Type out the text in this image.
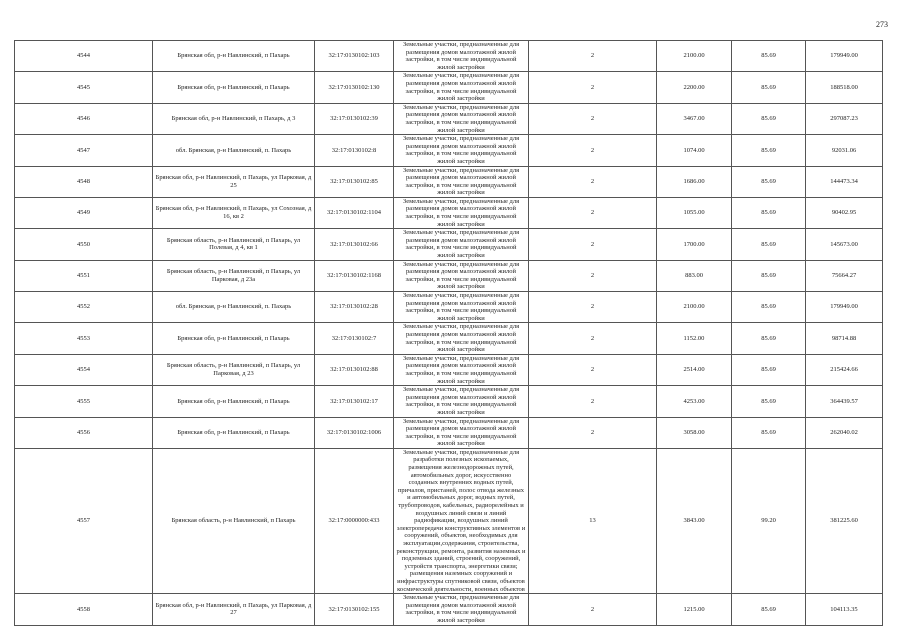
273
4544	Брянская обл, р-н Навлинский, п Пахарь	32:17:0130102:103	Земельные участки, предназначенные для размещения домов малоэтажной жилой застройки, в том числе индивидуальной жилой застройки	2	2100.00	85.69	179949.00
4545	Брянская обл, р-н Навлинский, п Пахарь	32:17:0130102:130	Земельные участки, предназначенные для размещения домов малоэтажной жилой застройки, в том числе индивидуальной жилой застройки	2	2200.00	85.69	188518.00
4546	Брянская обл, р-н Навлинский, п Пахарь, д 3	32:17:0130102:39	Земельные участки, предназначенные для размещения домов малоэтажной жилой застройки, в том числе индивидуальной жилой застройки	2	3467.00	85.69	297087.23
4547	обл. Брянская, р-н Навлинский, п. Пахарь	32:17:0130102:8	Земельные участки, предназначенные для размещения домов малоэтажной жилой застройки, в том числе индивидуальной жилой застройки	2	1074.00	85.69	92031.06
4548	Брянская обл, р-н Навлинский, п Пахарь, ул Парковая, д 25	32:17:0130102:85	Земельные участки, предназначенные для размещения домов малоэтажной жилой застройки, в том числе индивидуальной жилой застройки	2	1686.00	85.69	144473.34
4549	Брянская обл, р-н Навлинский, п Пахарь, ул Сохозная, д 16, кв 2	32:17:0130102:1104	Земельные участки, предназначенные для размещения домов малоэтажной жилой застройки, в том числе индивидуальной жилой застройки	2	1055.00	85.69	90402.95
4550	Брянская область, р-н Навлинский, п Пахарь, ул Полевая, д 4, кв 1	32:17:0130102:66	Земельные участки, предназначенные для размещения домов малоэтажной жилой застройки, в том числе индивидуальной жилой застройки	2	1700.00	85.69	145673.00
4551	Брянская область, р-н Навлинский, п Пахарь, ул Парковая, д 23а	32:17:0130102:1168	Земельные участки, предназначенные для размещения домов малоэтажной жилой застройки, в том числе индивидуальной жилой застройки	2	883.00	85.69	75664.27
4552	обл. Брянская, р-н Навлинский, п. Пахарь	32:17:0130102:28	Земельные участки, предназначенные для размещения домов малоэтажной жилой застройки, в том числе индивидуальной жилой застройки	2	2100.00	85.69	179949.00
4553	Брянская обл, р-н Навлинский, п Пахарь	32:17:0130102:7	Земельные участки, предназначенные для размещения домов малоэтажной жилой застройки, в том числе индивидуальной жилой застройки	2	1152.00	85.69	98714.88
4554	Брянская область, р-н Навлинский, п Пахарь, ул Парковая, д 23	32:17:0130102:88	Земельные участки, предназначенные для размещения домов малоэтажной жилой застройки, в том числе индивидуальной жилой застройки	2	2514.00	85.69	215424.66
4555	Брянская обл, р-н Навлинский, п Пахарь	32:17:0130102:17	Земельные участки, предназначенные для размещения домов малоэтажной жилой застройки, в том числе индивидуальной жилой застройки	2	4253.00	85.69	364439.57
4556	Брянская обл, р-н Навлинский, п Пахарь	32:17:0130102:1006	Земельные участки, предназначенные для размещения домов малоэтажной жилой застройки, в том числе индивидуальной жилой застройки	2	3058.00	85.69	262040.02
4557	Брянская область, р-н Навлинский, п Пахарь	32:17:0000000:433	Земельные участки, предназначенные для разработки полезных ископаемых, размещения железнодорожных путей, автомобильных дорог, искусственно созданных внутренних водных путей, причалов, пристаней, полос отвода железных и автомобильных дорог, водных путей, трубопроводов, кабельных, радиорелейных и воздушных линий связи и линий радиофикации, воздушных линий электропередачи конструктивных элементов и сооружений, объектов, необходимых для эксплуатации,содержания, строительства, реконструкции, ремонта, развития наземных и подземных зданий, строений, сооружений, устройств транспорта, энергетики связи; размещения наземных сооружений и инфраструктуры спутниковой связи, объектов космической деятельности, военных объектов	13	3843.00	99.20	381225.60
4558	Брянская обл, р-н Навлинский, п Пахарь, ул Парковая, д 27	32:17:0130102:155	Земельные участки, предназначенные для размещения домов малоэтажной жилой застройки, в том числе индивидуальной жилой застройки	2	1215.00	85.69	104113.35
